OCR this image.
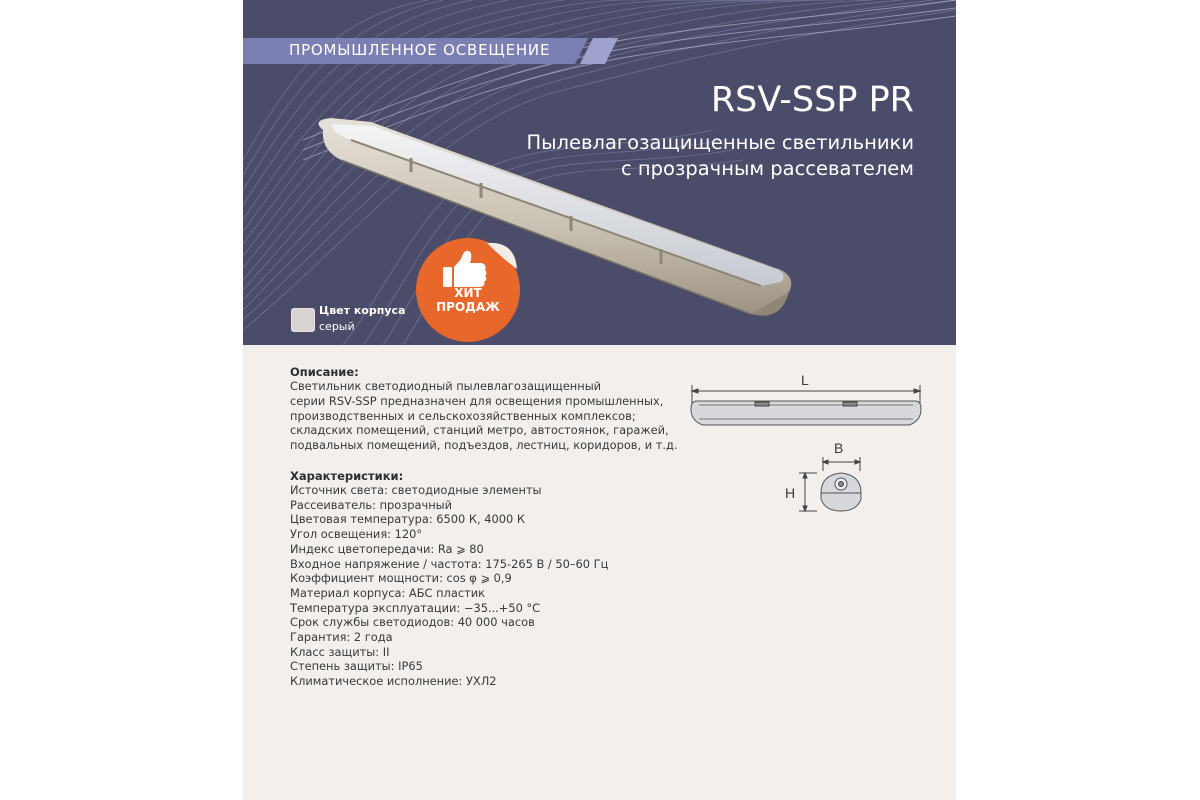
ПРОМЫШЛЕННОЕ ОСВЕЩЕНИЕ
RSV-SSP PR
Пылевлагозащищенные светильники
с прозрачным рассевателем
ХИТ
ПРОДАЖ
Цвет корпуса
серый
Описание:
Светильник светодиодный пылевлагозащищенный
серии RSV-SSP предназначен для освещения промышленных,
производственных и сельскохозяйственных комплексов;
складских помещений, станций метро, автостоянок, гаражей,
подвальных помещений, подъездов, лестниц, коридоров, и т.д.
Характеристики:
Источник света: светодиодные элементы
Рассеиватель: прозрачный
Цветовая температура: 6500 К, 4000 К
Угол освещения: 120°
Индекс цветопередачи: Ra ⩾ 80
Входное напряжение / частота: 175-265 В / 50–60 Гц
Коэффициент мощности: cos φ ⩾ 0,9
Материал корпуса: АБС пластик
Температура эксплуатации: −35...+50 °С
Срок службы светодиодов: 40 000 часов
Гарантия: 2 года
Класс защиты: II
Степень защиты: IP65
Климатическое исполнение: УХЛ2
L
B
H
